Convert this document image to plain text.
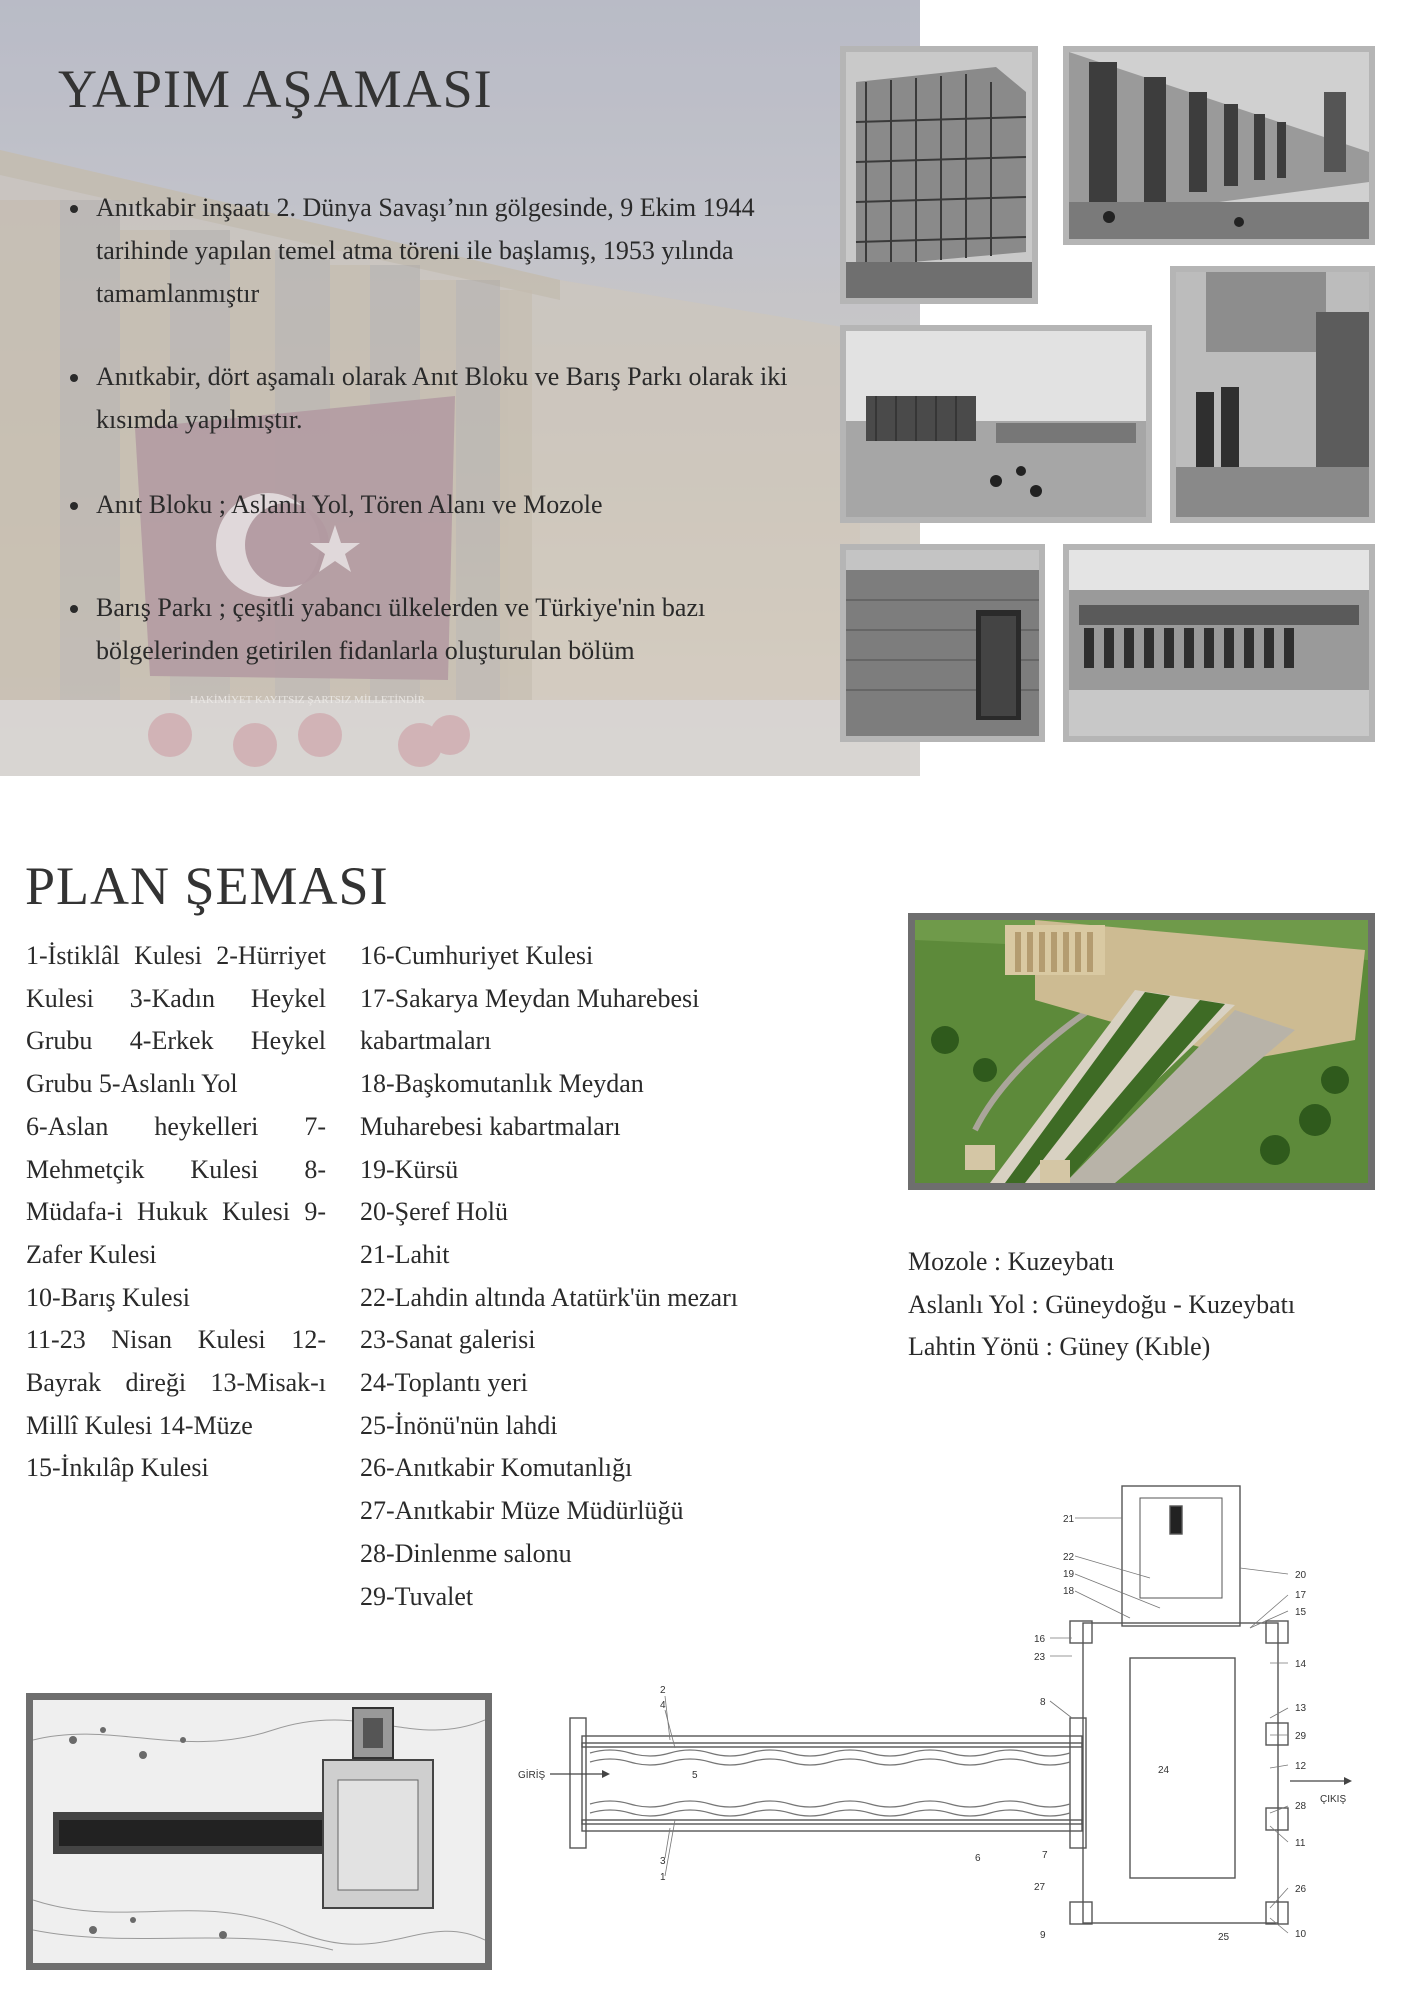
HAKİMİYET KAYITSIZ ŞARTSIZ MİLLETİNDİR
YAPIM AŞAMASI
• Anıtkabir inşaatı 2. Dünya Savaşı’nın gölgesinde, 9 Ekim 1944 tarihinde yapılan temel atma töreni ile başlamış, 1953 yılında tamamlanmıştır
• Anıtkabir, dört aşamalı olarak Anıt Bloku ve Barış Parkı olarak iki kısımda yapılmıştır.
• Anıt Bloku ; Aslanlı Yol, Tören Alanı ve Mozole
• Barış Parkı ; çeşitli yabancı ülkelerden ve Türkiye'nin bazı bölgelerinden getirilen fidanlarla oluşturulan bölüm
PLAN ŞEMASI

1-İstiklâl Kulesi 2-Hürriyet Kulesi 3-Kadın Heykel Grubu 4-Erkek Heykel Grubu 5-Aslanlı Yol

6-Aslan heykelleri 7-Mehmetçik Kulesi 8-Müdafa-i Hukuk Kulesi 9-Zafer Kulesi

10-Barış Kulesi

11-23 Nisan Kulesi 12-Bayrak direği 13-Misak-ı Millî Kulesi 14-Müze

15-İnkılâp Kulesi

16-Cumhuriyet Kulesi
17-Sakarya Meydan Muharebesi kabartmaları
18-Başkomutanlık Meydan Muharebesi kabartmaları
19-Kürsü
20-Şeref Holü
21-Lahit
22-Lahdin altında Atatürk'ün mezarı
23-Sanat galerisi
24-Toplantı yeri
25-İnönü'nün lahdi
26-Anıtkabir Komutanlığı
27-Anıtkabir Müze Müdürlüğü
28-Dinlenme salonu
29-Tuvalet
Mozole : Kuzeybatı
Aslanlı Yol : Güneydoğu - Kuzeybatı
Lahtin Yönü : Güney (Kıble)
GİRİŞ
ÇIKIŞ
21
22
19
18
16
23
8
7
27
9	25
24
5
6
2
4
3
1
20
17
15
14
13
29
12
28
11
26
10
